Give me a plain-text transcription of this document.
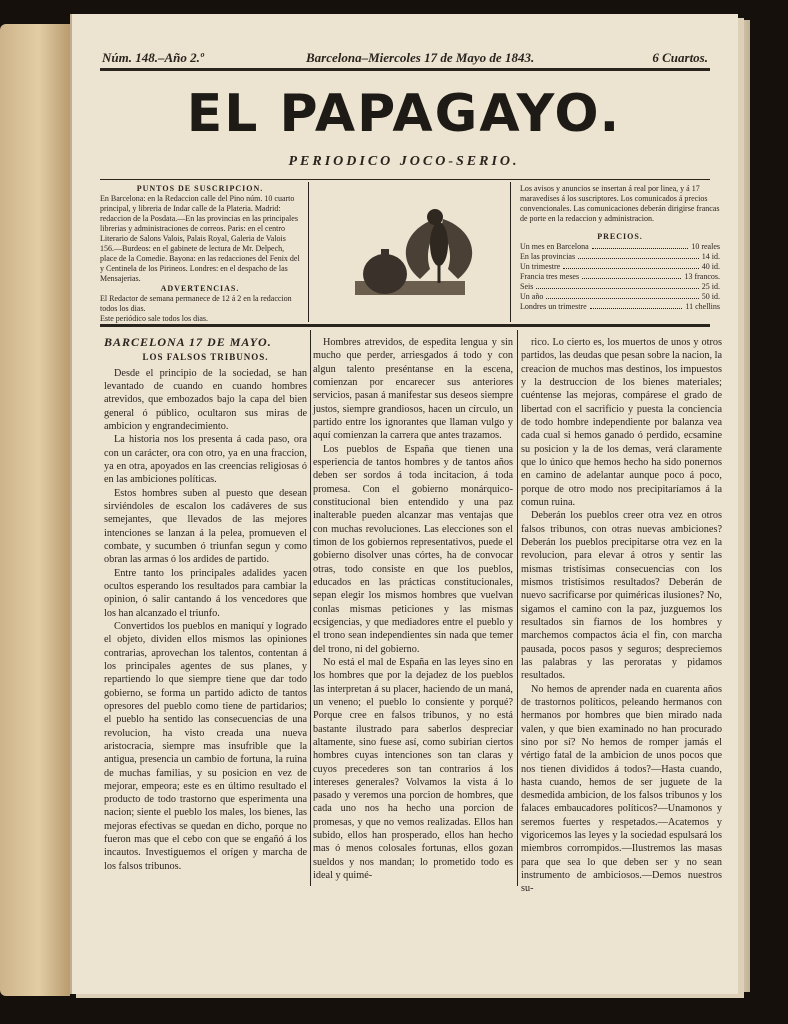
Núm. 148.–Año 2.º	Barcelona–Miercoles 17 de Mayo de 1843.	6 Cuartos.
EL PAPAGAYO.
PERIODICO JOCO-SERIO.

PUNTOS DE SUSCRIPCION.

En Barcelona: en la Redaccion calle del Pino núm. 10 cuarto principal, y libreria de Indar calle de la Plateria. Madrid: redaccion de la Posdata.—En las provincias en las principales librerias y administraciones de correos. Paris: en el centro Literario de Salons Valois, Palais Royal, Galeria de Valois 156.—Burdeos: en el gabinete de lectura de Mr. Delpech, place de la Comedie. Bayona: en las redacciones del Fenix del y Centinela de los Pirineos. Londres: en el despacho de las Mensajerias.

ADVERTENCIAS.

El Redactor de semana permanece de 12 á 2 en la redaccion todos los dias.

Este periódico sale todos los dias.

Los avisos y anuncios se insertan á real por linea, y á 17 maravedises á los suscriptores. Los comunicados á precios convencionales. Las comunicaciones deberán dirigirse francas de porte en la redaccion y administracion.

PRECIOS.

Un mes en Barcelona	10 reales
En las provincias	14 id.
Un trimestre	40 id.
Francia tres meses	13 francos.
Seis	25 id.
Un año	50 id.
Londres un trimestre	11 chellins

BARCELONA 17 DE MAYO.

LOS FALSOS TRIBUNOS.

Desde el principio de la sociedad, se han levantado de cuando en cuando hombres atrevidos, que embozados bajo la capa del bien general ó público, ocultaron sus miras de ambicion y engrandecimiento.

La historia nos los presenta á cada paso, ora con un carácter, ora con otro, ya en una fraccion, ya en otra, apoyados en las creencias religiosas ó en las ambiciones políticas.

Estos hombres suben al puesto que desean sirviéndoles de escalon los cadáveres de sus semejantes, que llevados de las mejores intenciones se lanzan á la pelea, promueven el combate, y sucumben ó triunfan segun y como obran las armas ó los ardides de partido.

Entre tanto los principales adalides yacen ocultos esperando los resultados para cambiar la opinion, ó salir cantando á los vencedores que los han alcanzado el triunfo.

Convertidos los pueblos en maniquí y logrado el objeto, dividen ellos mismos las opiniones contrarias, aprovechan los talentos, contentan á los principales agentes de sus planes, y repartiendo lo que siempre tiene que dar todo gobierno, se forma un partido adicto de tantos opresores del pueblo como tiene de partidarios; el pueblo ha sentido las consecuencias de una revolucion, ha visto creada una nueva aristocracia, siempre mas insufrible que la antigua, presencia un cambio de fortuna, la ruina de muchas familias, y su posicion en vez de mejorar, empeora; este es en último resultado el producto de todo trastorno que esperimenta una nacion; siente el pueblo los males, los bienes, las mejoras efectivas se quedan en dicho, porque no fueron mas que el cebo con que se engañó á los incautos. Investiguemos el orígen y marcha de los falsos tribunos.

Hombres atrevidos, de espedita lengua y sin mucho que perder, arriesgados á todo y con algun talento preséntanse en la escena, comienzan por encarecer sus anteriores servicios, pasan á manifestar sus deseos siempre justos, siempre grandiosos, hacen un círculo, un partido entre los ignorantes que llaman vulgo y aquí comienzan la carrera que antes trazamos.

Los pueblos de España que tienen una esperiencia de tantos hombres y de tantos años deben ser sordos á toda incitacion, á toda promesa. Con el gobierno monárquico-constitucional bien entendido y una paz inalterable pueden alcanzar mas ventajas que con muchas revoluciones. Las elecciones son el timon de los gobiernos representativos, puede el gobierno disolver unas córtes, ha de convocar otras, todo consiste en que los pueblos, educados en las prácticas constitucionales, sepan elegir los mismos hombres que vuelvan conlas mismas peticiones y las mismas ecsigencias, y que mediadores entre el pueblo y el trono sean independientes sin nada que temer del trono, ni del gobierno.

No está el mal de España en las leyes sino en los hombres que por la dejadez de los pueblos las interpretan á su placer, haciendo de un maná, un veneno; el pueblo lo consiente y porqué? Porque cree en falsos tribunos, y no está bastante ilustrado para saberlos despreciar altamente, sino fuese así, como subirian ciertos hombres cuyas intenciones son tan claras y cuyos precederes son tan contrarios á los intereses generales? Volvamos la vista á lo pasado y veremos una porcion de hombres, que cada uno nos ha hecho una porcion de promesas, y que no vemos realizadas. Ellos han subido, ellos han prosperado, ellos han hecho mas ó menos colosales fortunas, ellos gozan sueldos y nos mandan; lo prometido todo es ideal y quimé-

rico. Lo cierto es, los muertos de unos y otros partidos, las deudas que pesan sobre la nacion, la creacion de muchos mas destinos, los impuestos y la destruccion de los bienes materiales; cuéntense las mejoras, compárese el grado de libertad con el sacrificio y puesta la conciencia de todo hombre independiente por balanza vea cada cual si hemos ganado ó perdido, ecsamine su posicion y la de los demas, verá claramente que lo único que hemos hecho ha sido ponernos en camino de adelantar aunque poco á poco, porque de otro modo nos precipitaríamos á la comun ruina.

Deberán los pueblos creer otra vez en otros falsos tribunos, con otras nuevas ambiciones? Deberán los pueblos precipitarse otra vez en la revolucion, para elevar á otros y sentir las mismas tristísimas consecuencias con los mismos tristísimos resultados? Deberán de nuevo sacrificarse por quiméricas ilusiones? No, sigamos el camino con la paz, juzguemos los resultados sin fiarnos de los hombres y marchemos compactos ácia el fin, con marcha pausada, pocos pasos y seguros; despreciemos las palabras y las peroratas y pidamos resultados.

No hemos de aprender nada en cuarenta años de trastornos políticos, peleando hermanos con hermanos por hombres que bien mirado nada valen, y que bien examinado no han procurado sino por sí? No hemos de romper jamás el vértigo fatal de la ambicion de unos pocos que nos tienen divididos á todos?—Hasta cuando, hasta cuando, hemos de ser juguete de la desmedida ambicion, de los falsos tribunos y los falaces embaucadores políticos?—Unamonos y seremos fuertes y respetados.—Acatemos y vigoricemos las leyes y la sociedad espulsará los miembros corrompidos.—Ilustremos las masas para que sea lo que deben ser y no sean instrumento de ambiciosos.—Demos nuestros su-
